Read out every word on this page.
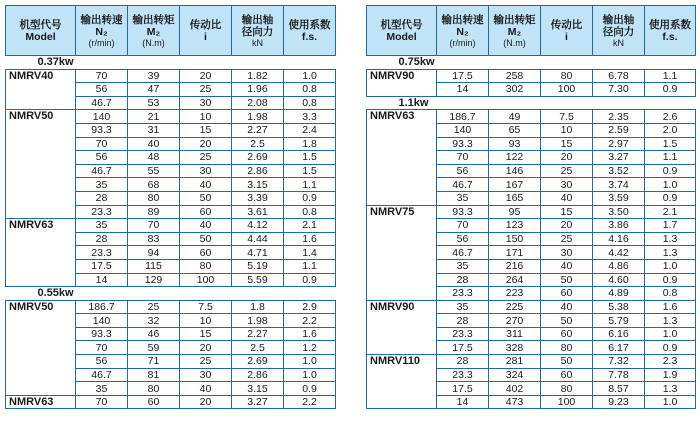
机型代号
Model	输出转速
N₂
(r/min)	输出转矩
M₂
(N.m)	传动比
i	输出轴
径向力
kN	使用系数
f.s.

0.37kw					
NMRV40	70	39	20	1.82	1.0
	56	47	25	1.96	0.8
	46.7	53	30	2.08	0.8
NMRV50	140	21	10	1.98	3.3
	93.3	31	15	2.27	2.4
	70	40	20	2.5	1.8
	56	48	25	2.69	1.5
	46.7	55	30	2.86	1.5
	35	68	40	3.15	1.1
	28	80	50	3.39	0.9
	23.3	89	60	3.61	0.8
NMRV63	35	70	40	4.12	2.1
	28	83	50	4.44	1.6
	23.3	94	60	4.71	1.4
	17.5	115	80	5.19	1.1
	14	129	100	5.59	0.9
0.55kw					
NMRV50	186.7	25	7.5	1.8	2.9
	140	32	10	1.98	2.2
	93.3	46	15	2.27	1.6
	70	59	20	2.5	1.2
	56	71	25	2.69	1.0
	46.7	81	30	2.86	1.0
	35	80	40	3.15	0.9
NMRV63	70	60	20	3.27	2.2
机型代号
Model	输出转速
N₂
(r/min)	输出转矩
M₂
(N.m)	传动比
i	输出轴
径向力
kN	使用系数
f.s.

0.75kw					
NMRV90	17.5	258	80	6.78	1.1
	14	302	100	7.30	0.9
1.1kw					
NMRV63	186.7	49	7.5	2.35	2.6
	140	65	10	2.59	2.0
	93.3	93	15	2.97	1.5
	70	122	20	3.27	1.1
	56	146	25	3.52	0.9
	46.7	167	30	3.74	1.0
	35	165	40	3.59	0.9
NMRV75	93.3	95	15	3.50	2.1
	70	123	20	3.86	1.7
	56	150	25	4.16	1.3
	46.7	171	30	4.42	1.3
	35	216	40	4.86	1.0
	28	264	50	4.60	0.9
	23.3	223	60	4.89	0.8
NMRV90	35	225	40	5.38	1.6
	28	270	50	5.79	1.3
	23.3	311	60	6.16	1.0
	17.5	328	80	6.17	0.9
NMRV110	28	281	50	7.32	2.3
	23.3	324	60	7.78	1.9
	17.5	402	80	8.57	1.3
	14	473	100	9.23	1.0
